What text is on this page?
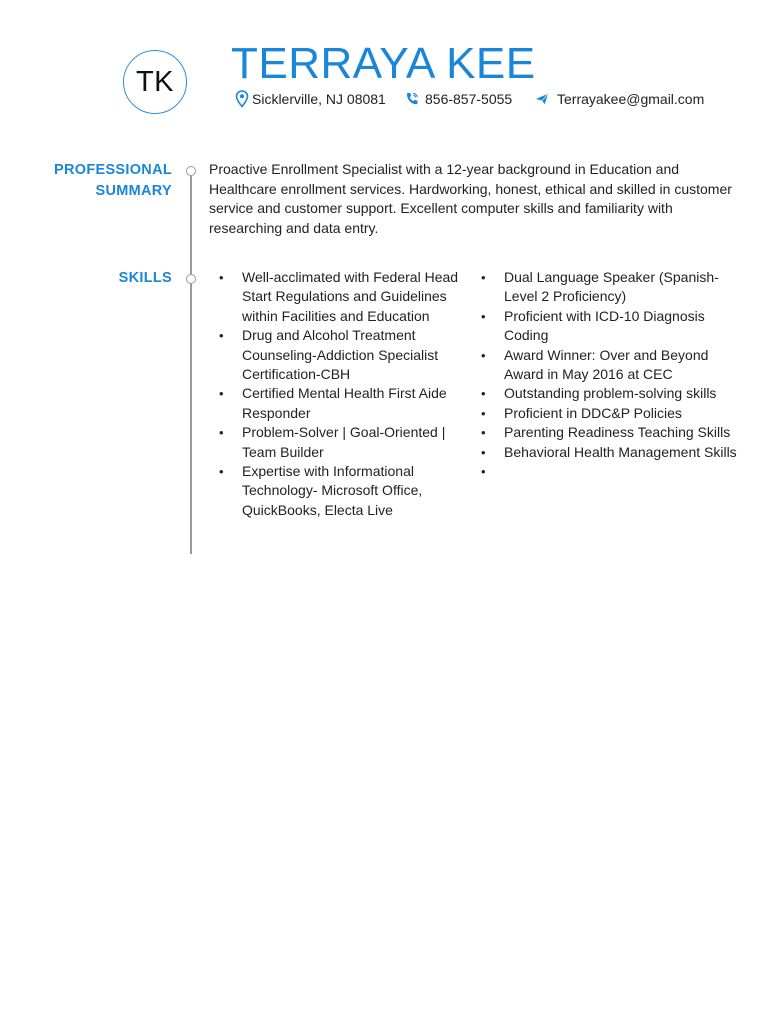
TK TERRAYA KEE
Sicklerville, NJ 08081	856-857-5055	Terrayakee@gmail.com
PROFESSIONAL
SUMMARY

Proactive Enrollment Specialist with a 12-year background in Education and Healthcare enrollment services. Hardworking, honest, ethical and skilled in customer service and customer support. Excellent computer skills and familiarity with researching and data entry.

SKILLS
•	Well-acclimated with Federal Head Start Regulations and Guidelines within Facilities and Education
• Drug and Alcohol Treatment Counseling-Addiction Specialist Certification-CBH
• Certified Mental Health First Aide Responder
• Problem-Solver | Goal-Oriented | Team Builder
• Expertise with Informational Technology- Microsoft Office, QuickBooks, Electa Live
• Dual Language Speaker (Spanish-Level 2 Proficiency)
• Proficient with ICD-10 Diagnosis Coding
• Award Winner: Over and Beyond Award in May 2016 at CEC
• Outstanding problem-solving skills
• Proficient in DDC&P Policies
• Parenting Readiness Teaching Skills
• Behavioral Health Management Skills
•
